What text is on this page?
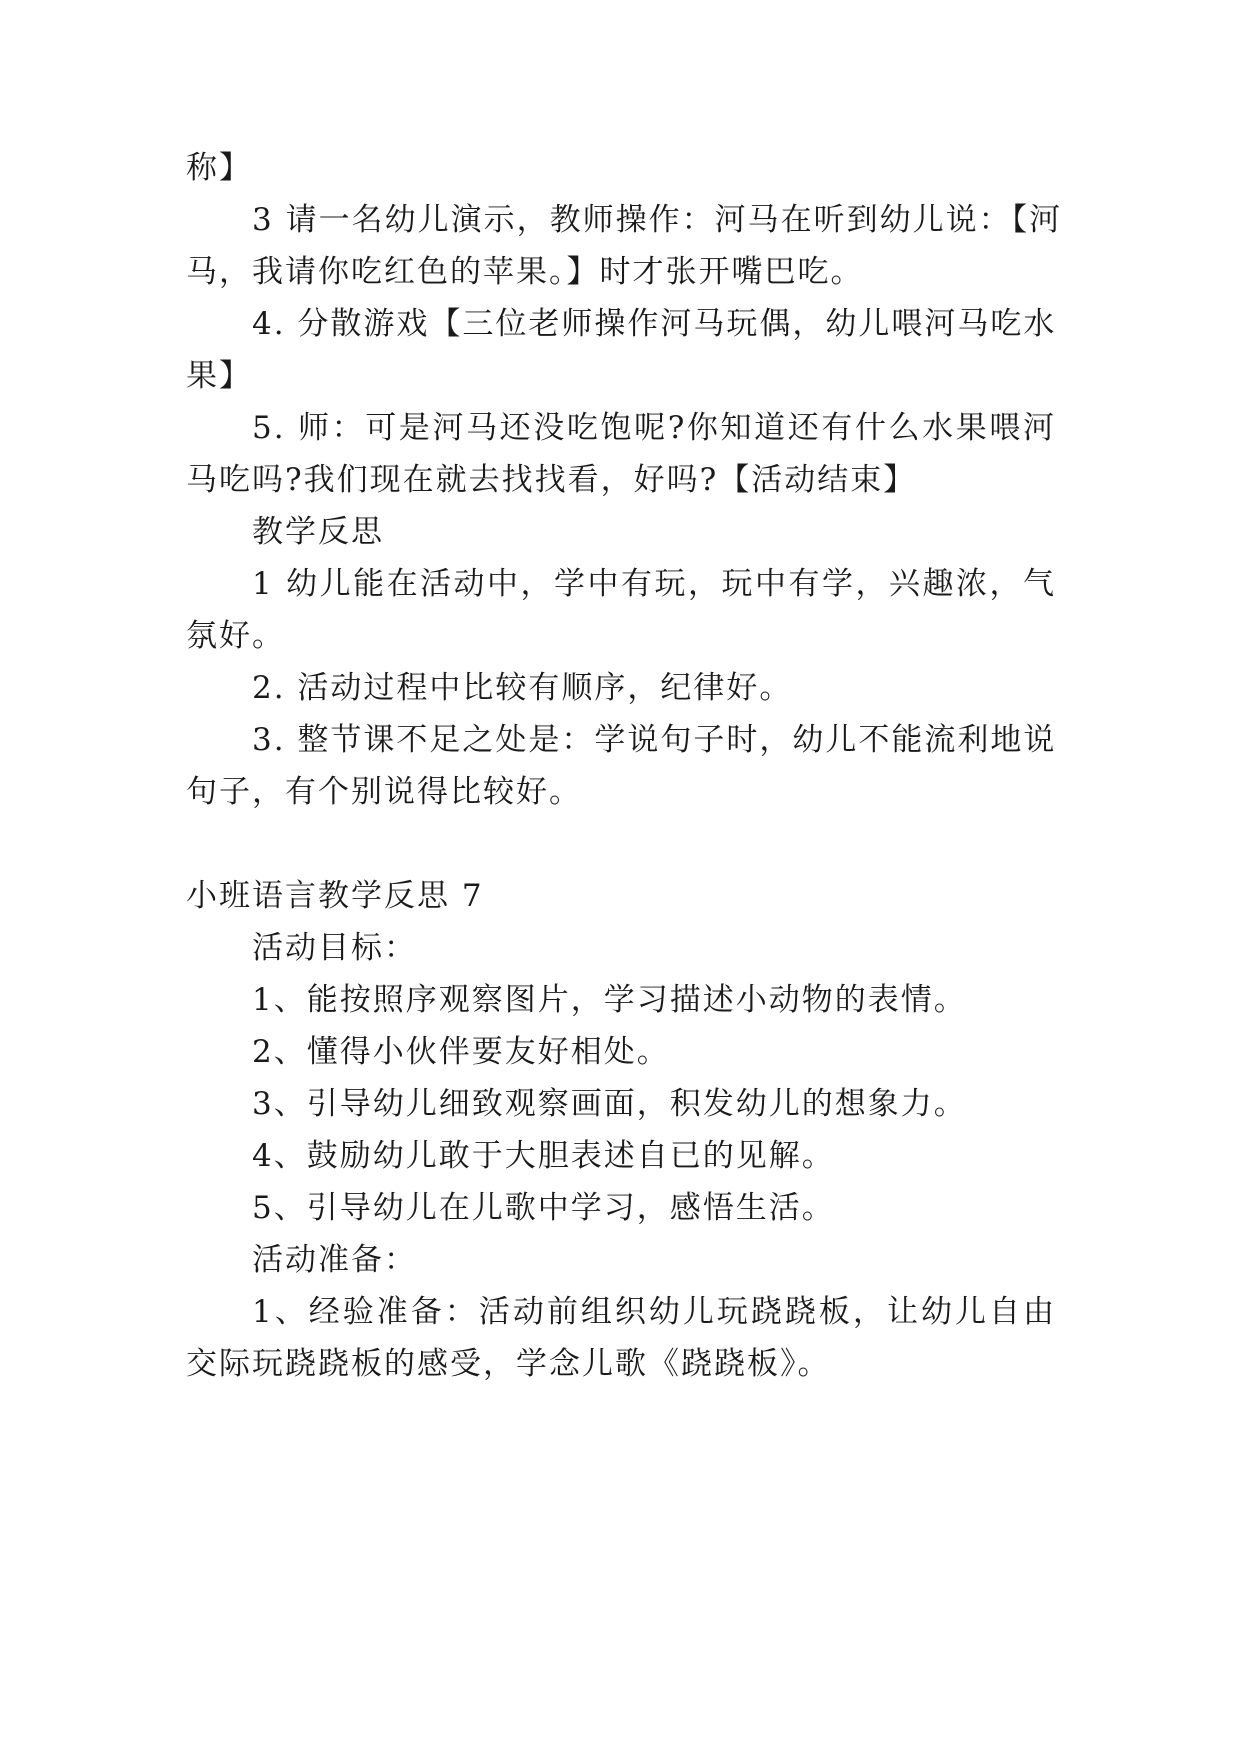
称】
3 请一名幼儿演示，教师操作：河马在听到幼儿说：【河
马，我请你吃红色的苹果。】时才张开嘴巴吃。
4. 分散游戏【三位老师操作河马玩偶，幼儿喂河马吃水
果】
5. 师：可是河马还没吃饱呢?你知道还有什么水果喂河
马吃吗?我们现在就去找找看，好吗?【活动结束】
教学反思
1 幼儿能在活动中，学中有玩，玩中有学，兴趣浓，气
氛好。
2. 活动过程中比较有顺序，纪律好。
3. 整节课不足之处是：学说句子时，幼儿不能流利地说
句子，有个别说得比较好。
小班语言教学反思 7
活动目标：
1、能按照序观察图片，学习描述小动物的表情。
2、懂得小伙伴要友好相处。
3、引导幼儿细致观察画面，积发幼儿的想象力。
4、鼓励幼儿敢于大胆表述自已的见解。
5、引导幼儿在儿歌中学习，感悟生活。
活动准备：
1、经验准备：活动前组织幼儿玩跷跷板，让幼儿自由
交际玩跷跷板的感受，学念儿歌《跷跷板》。
